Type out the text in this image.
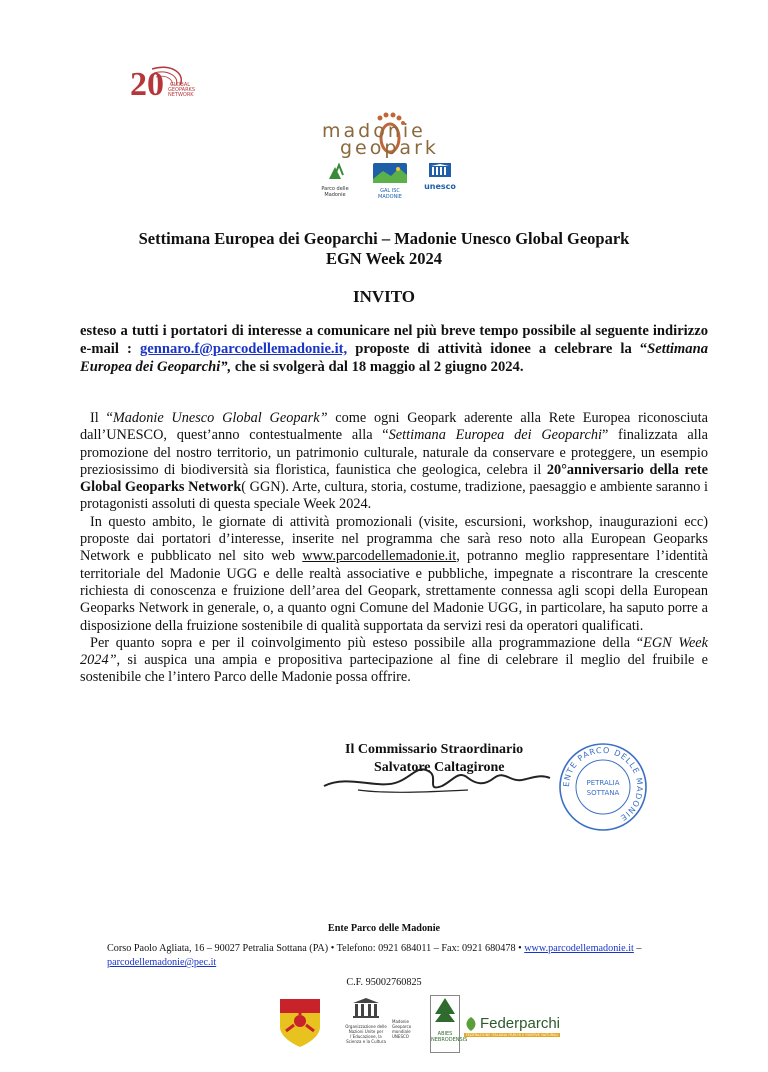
20	GLOBAL
GEOPARKS
NETWORK
madonie
geopark
Parco delle Madonie
GAL ISC MADONIE
unesco
Settimana Europea dei Geoparchi – Madonie Unesco Global Geopark
EGN Week 2024
INVITO
esteso a tutti i portatori di interesse a comunicare nel più breve tempo possibile al seguente indirizzo e-mail : gennaro.f@parcodellemadonie.it, proposte di attività idonee a celebrare la “Settimana Europea dei Geoparchi”, che si svolgerà dal 18 maggio al 2 giugno 2024.

Il “Madonie Unesco Global Geopark” come ogni Geopark aderente alla Rete Europea riconosciuta dall’UNESCO, quest’anno contestualmente alla “Settimana Europea dei Geoparchi” finalizzata alla promozione del nostro territorio, un patrimonio culturale, naturale da conservare e proteggere, un esempio preziosissimo di biodiversità sia floristica, faunistica che geologica, celebra il 20°anniversario della rete Global Geoparks Network( GGN). Arte, cultura, storia, costume, tradizione, paesaggio e ambiente saranno i protagonisti assoluti di questa speciale Week 2024.

In questo ambito, le giornate di attività promozionali (visite, escursioni, workshop, inaugurazioni ecc) proposte dai portatori d’interesse, inserite nel programma che sarà reso noto alla European Geoparks Network e pubblicato nel sito web www.parcodellemadonie.it, potranno meglio rappresentare l’identità territoriale del Madonie UGG e delle realtà associative e pubbliche, impegnate a riscontrare la crescente richiesta di conoscenza e fruizione dell’area del Geopark, strettamente connessa agli scopi della European Geoparks Network in generale, o, a quanto ogni Comune del Madonie UGG, in particolare, ha saputo porre a disposizione della fruizione sostenibile di qualità supportata da servizi resi da operatori qualificati.

Per quanto sopra e per il coinvolgimento più esteso possibile alla programmazione della “EGN Week 2024”, si auspica una ampia e propositiva partecipazione al fine di celebrare il meglio del fruibile e sostenibile che l’intero Parco delle Madonie possa offrire.

Il Commissario Straordinario
Salvatore Caltagirone
ENTE PARCO DELLE MADONIE
PETRALIA
SOTTANA
Ente Parco delle Madonie
Corso Paolo Agliata, 16 – 90027 Petralia Sottana (PA) • Telefono: 0921 684011 – Fax: 0921 680478 • www.parcodellemadonie.it –
parcodellemadonie@pec.it
C.F. 95002760825
Organizzazione delle Nazioni Unite per l’Educazione, la Scienza e la Cultura
Madonie Geoparco mondiale UNESCO	ABIES
NEBRODENSIS
Federparchi
FEDERAZIONE ITALIANA PARCHI E RISERVE NATURALI
